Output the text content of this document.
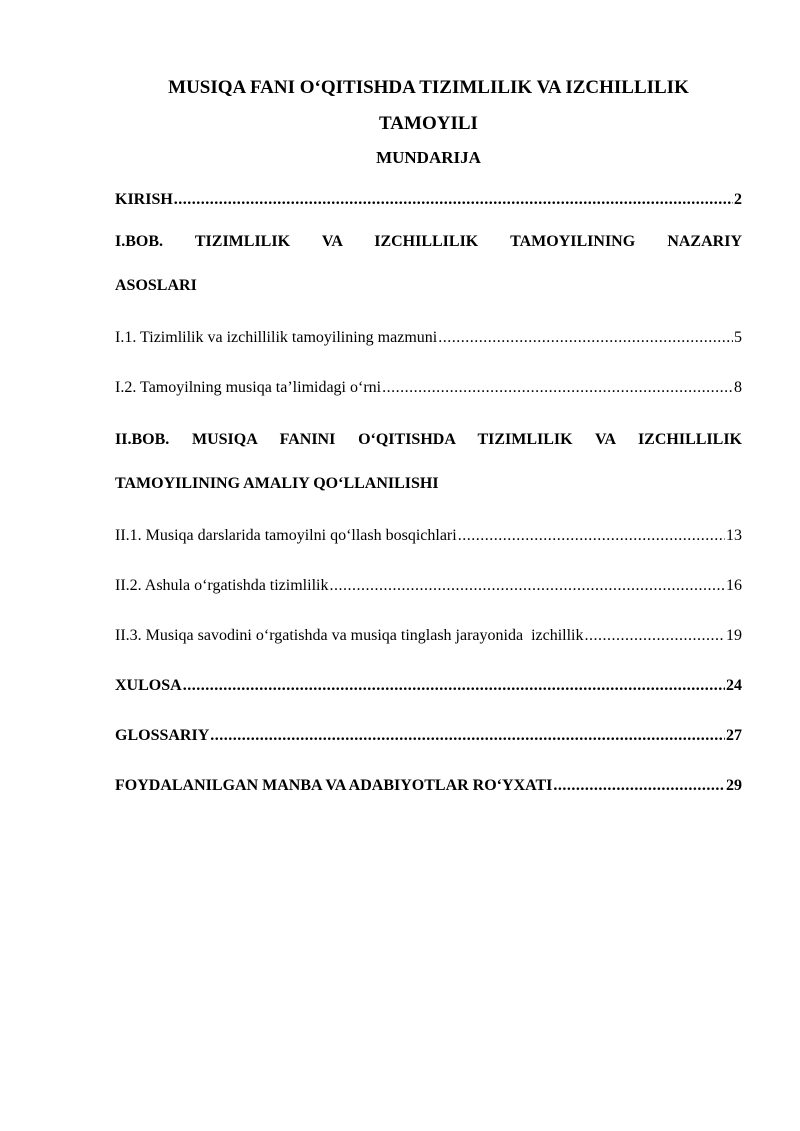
MUSIQA FANI O‘QITISHDA TIZIMLILIK VA IZCHILLILIK
TAMOYILI
MUNDARIJA
KIRISH .....	2
I.BOB. TIZIMLILIK VA IZCHILLILIK TAMOYILINING NAZARIY
ASOSLARI
I.1. Tizimlilik va izchillilik tamoyilining mazmuni .....	5
I.2. Tamoyilning musiqa ta’limidagi o‘rni .....	8
II.BOB. MUSIQA FANINI O‘QITISHDA TIZIMLILIK VA IZCHILLILIK
TAMOYILINING AMALIY QO‘LLANILISHI
II.1. Musiqa darslarida tamoyilni qo‘llash bosqichlari .....	13
II.2. Ashula o‘rgatishda tizimlilik .....	16
II.3. Musiqa savodini o‘rgatishda va musiqa tinglash jarayonida  izchillik .....	19
XULOSA .....	24
GLOSSARIY .....	27
FOYDALANILGAN MANBA VA ADABIYOTLAR RO‘YXATI .....	29
